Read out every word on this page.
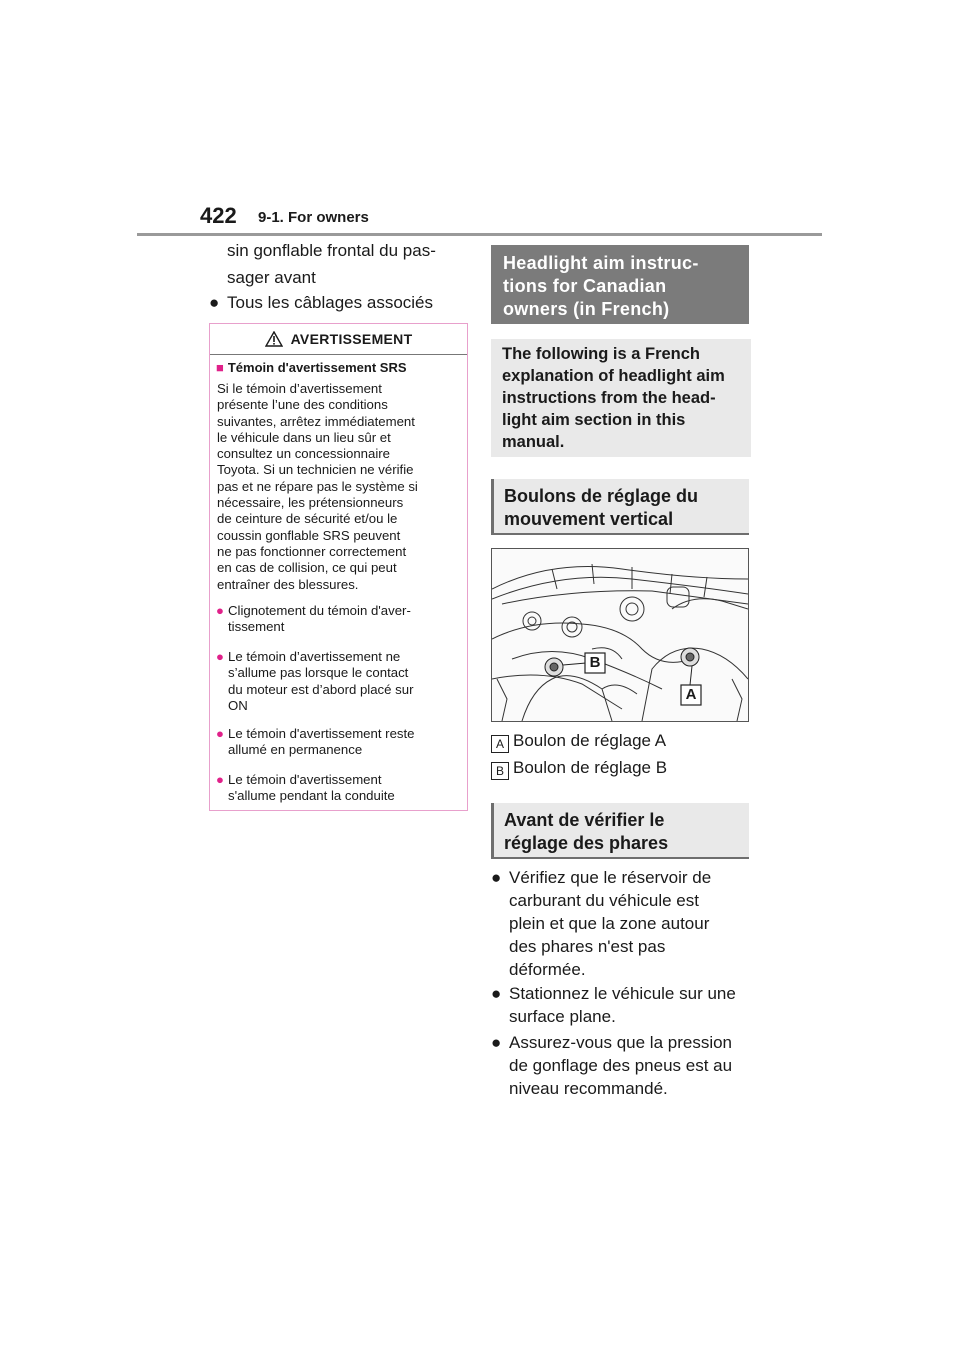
422 9-1. For owners
sin gonflable frontal du pas-
sager avant
● Tous les câblages associés
AVERTISSEMENT
■ Témoin d'avertissement SRS
Si le témoin d’avertissement
présente l’une des conditions
suivantes, arrêtez immédiatement
le véhicule dans un lieu sûr et
consultez un concessionnaire
Toyota. Si un technicien ne vérifie
pas et ne répare pas le système si
nécessaire, les prétensionneurs
de ceinture de sécurité et/ou le
coussin gonflable SRS peuvent
ne pas fonctionner correctement
en cas de collision, ce qui peut
entraîner des blessures.
● Clignotement du témoin d'aver-
tissement
● Le témoin d’avertissement ne
s’allume pas lorsque le contact
du moteur est d’abord placé sur
ON
● Le témoin d'avertissement reste
allumé en permanence
● Le témoin d'avertissement
s'allume pendant la conduite
Headlight aim instruc-
tions for Canadian
owners (in French)
The following is a French
explanation of headlight aim
instructions from the head-
light aim section in this
manual.
Boulons de réglage du
mouvement vertical
B
A
A Boulon de réglage A
B Boulon de réglage B
Avant de vérifier le
réglage des phares
● Vérifiez que le réservoir de
carburant du véhicule est
plein et que la zone autour
des phares n'est pas
déformée.
● Stationnez le véhicule sur une
surface plane.
● Assurez-vous que la pression
de gonflage des pneus est au
niveau recommandé.
